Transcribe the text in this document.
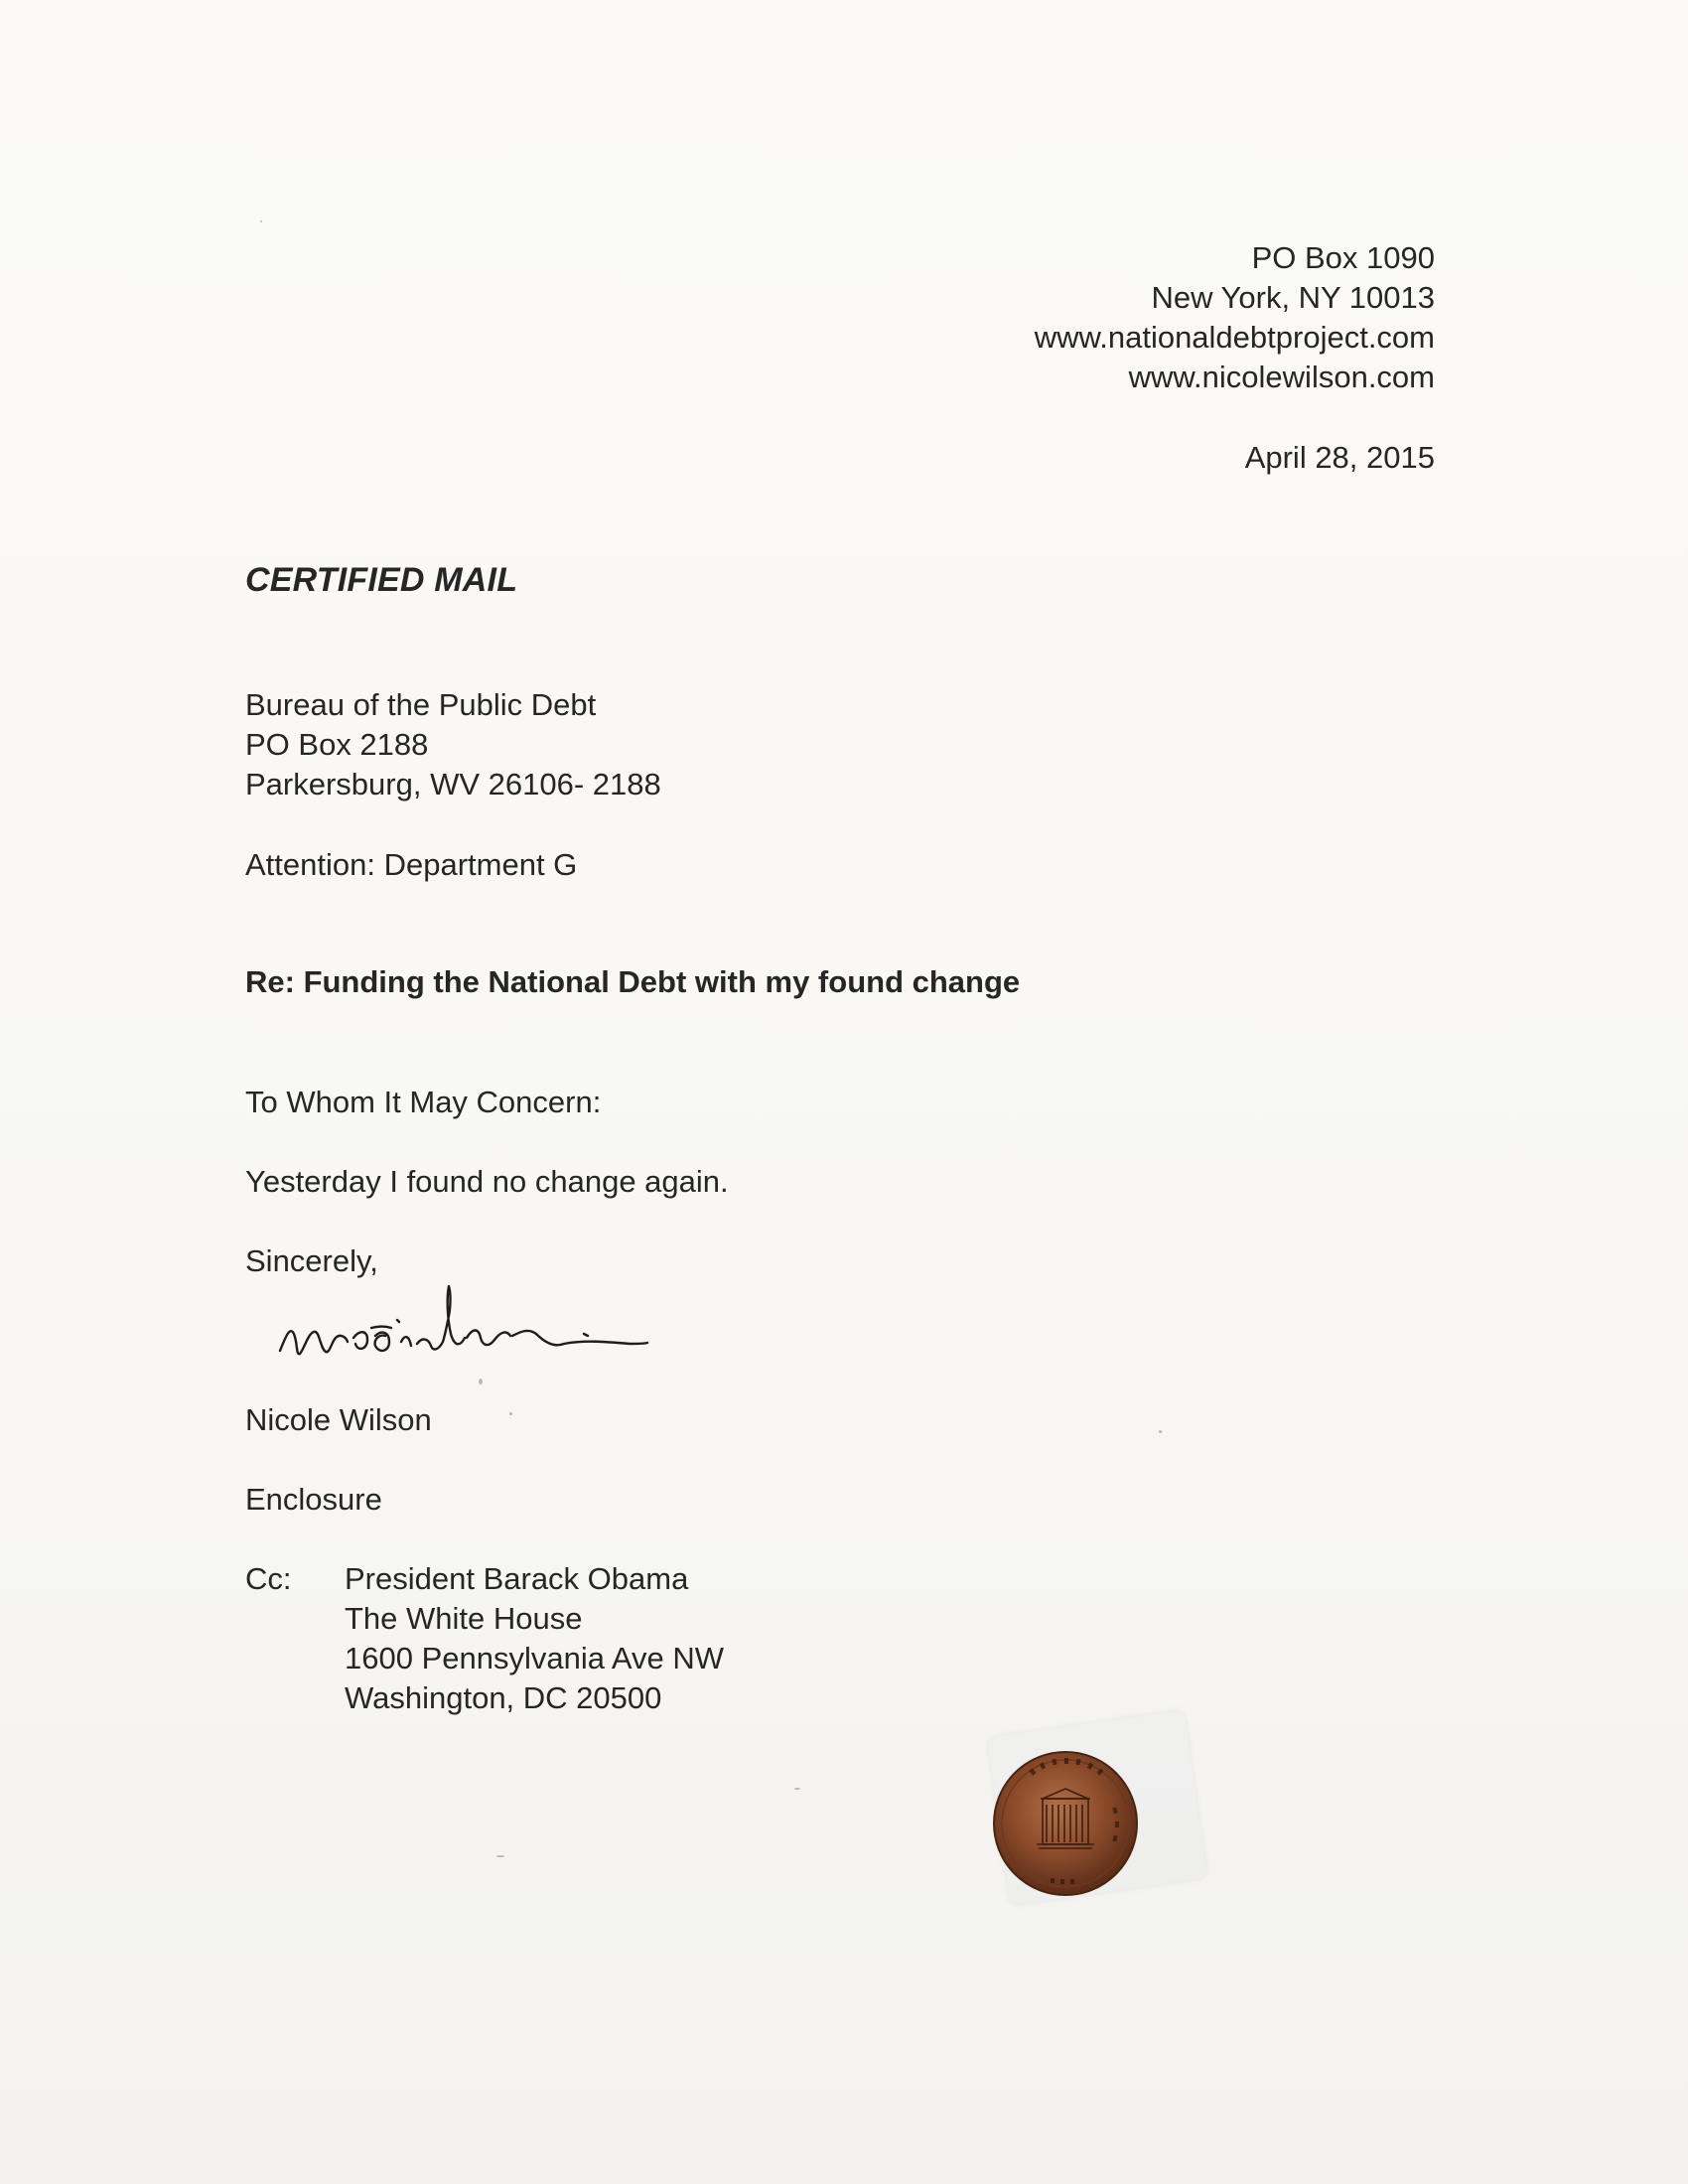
PO Box 1090
New York, NY 10013
www.nationaldebtproject.com
www.nicolewilson.com
April 28, 2015
CERTIFIED MAIL
Bureau of the Public Debt
PO Box 2188
Parkersburg, WV 26106- 2188
Attention: Department G
Re: Funding the National Debt with my found change
To Whom It May Concern:
Yesterday I found no change again.
Sincerely,
Nicole Wilson
Enclosure
Cc: President Barack Obama
The White House
1600 Pennsylvania Ave NW
Washington, DC 20500
